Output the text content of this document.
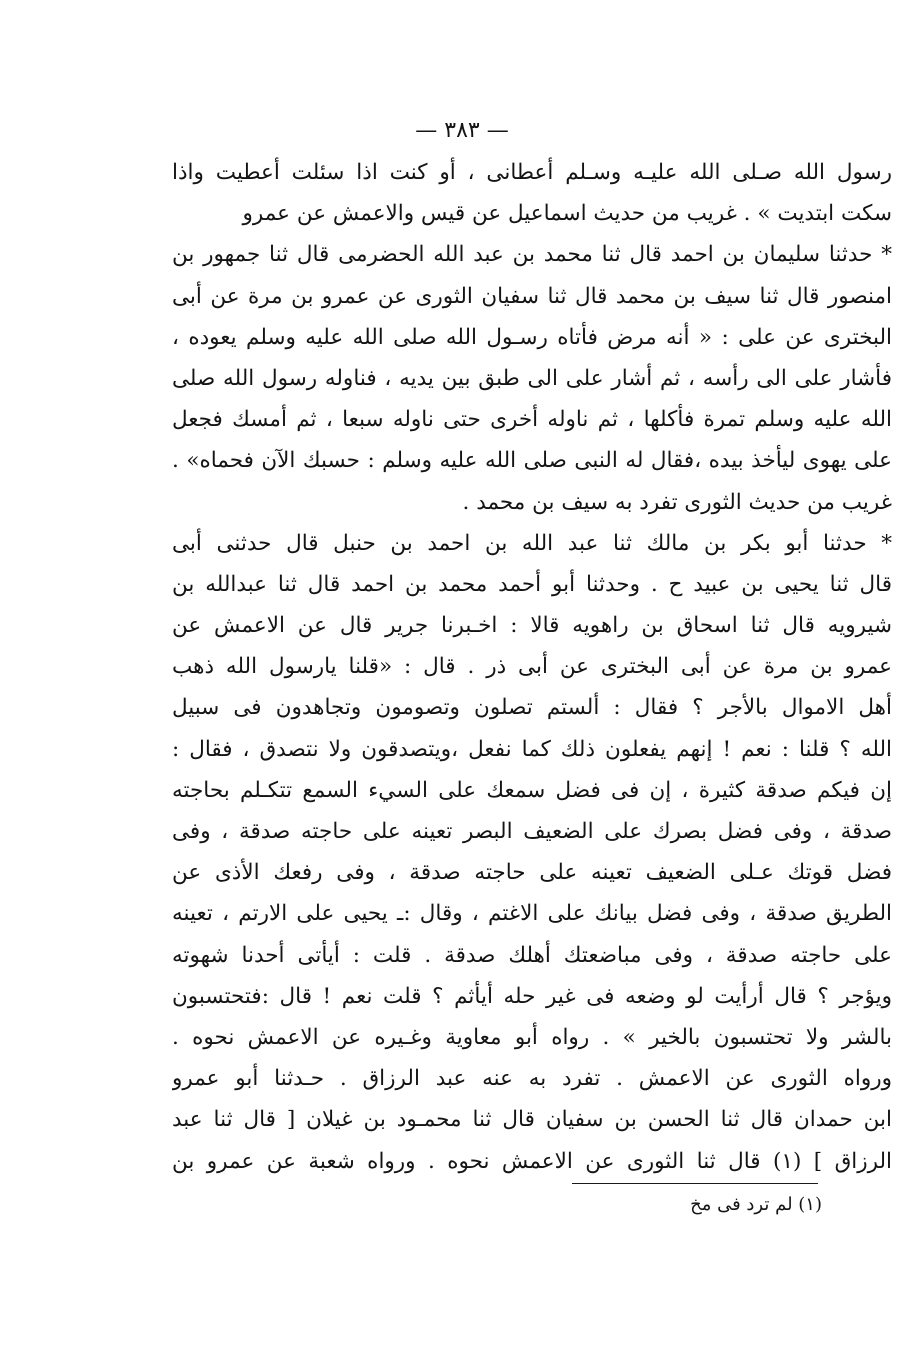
— ٣٨٣ —
رسول الله صـلى الله عليـه وسـلم أعطانى ، أو كنت اذا سئلت أعطيت واذا
سكت ابتديت » . غريب من حديث اسماعيل عن قيس والاعمش عن عمرو
* حدثنا سليمان بن احمد قال ثنا محمد بن عبد الله الحضرمى قال ثنا جمهور بن
امنصور قال ثنا سيف بن محمد قال ثنا سفيان الثورى عن عمرو بن مرة عن أبى
البخترى عن على : « أنه مرض فأتاه رسـول الله صلى الله عليه وسلم يعوده ،
فأشار على الى رأسه ، ثم أشار على الى طبق بين يديه ، فناوله رسول الله صلى
الله عليه وسلم تمرة فأكلها ، ثم ناوله أخرى حتى ناوله سبعا ، ثم أمسك فجعل
على يهوى ليأخذ بيده ،فقال له النبى صلى الله عليه وسلم : حسبك الآن فحماه» .
غريب من حديث الثورى تفرد به سيف بن محمد .
* حدثنا أبو بكر بن مالك ثنا عبد الله بن احمد بن حنبل قال حدثنى أبى
قال ثنا يحيى بن عبيد ح . وحدثنا أبو أحمد محمد بن احمد قال ثنا عبدالله بن
شيرويه قال ثنا اسحاق بن راهويه قالا : اخـبرنا جرير قال عن الاعمش عن
عمرو بن مرة عن أبى البخترى عن أبى ذر . قال : «قلنا يارسول الله ذهب
أهل الاموال بالأجر ؟ فقال : ألستم تصلون وتصومون وتجاهدون فى سبيل
الله ؟ قلنا : نعم ! إنهم يفعلون ذلك كما نفعل ،ويتصدقون ولا نتصدق ، فقال :
إن فيكم صدقة كثيرة ، إن فى فضل سمعك على السيء السمع تتكـلم بحاجته
صدقة ، وفى فضل بصرك على الضعيف البصر تعينه على حاجته صدقة ، وفى
فضل قوتك عـلى الضعيف تعينه على حاجته صدقة ، وفى رفعك الأذى عن
الطريق صدقة ، وفى فضل بيانك على الاغتم ، وقال :ـ يحيى على الارتم ، تعينه
على حاجته صدقة ، وفى مباضعتك أهلك صدقة . قلت : أيأتى أحدنا شهوته
ويؤجر ؟ قال أرأيت لو وضعه فى غير حله أيأثم ؟ قلت نعم ! قال :فتحتسبون
بالشر ولا تحتسبون بالخير » . رواه أبو معاوية وغـيره عن الاعمش نحوه .
ورواه الثورى عن الاعمش . تفرد به عنه عبد الرزاق . حـدثنا أبو عمرو
ابن حمدان قال ثنا الحسن بن سفيان قال ثنا محمـود بن غيلان [ قال ثنا عبد
الرزاق ] (١) قال ثنا الثورى عن الاعمش نحوه . ورواه شعبة عن عمرو بن
(١) لم ترد فى مخ
